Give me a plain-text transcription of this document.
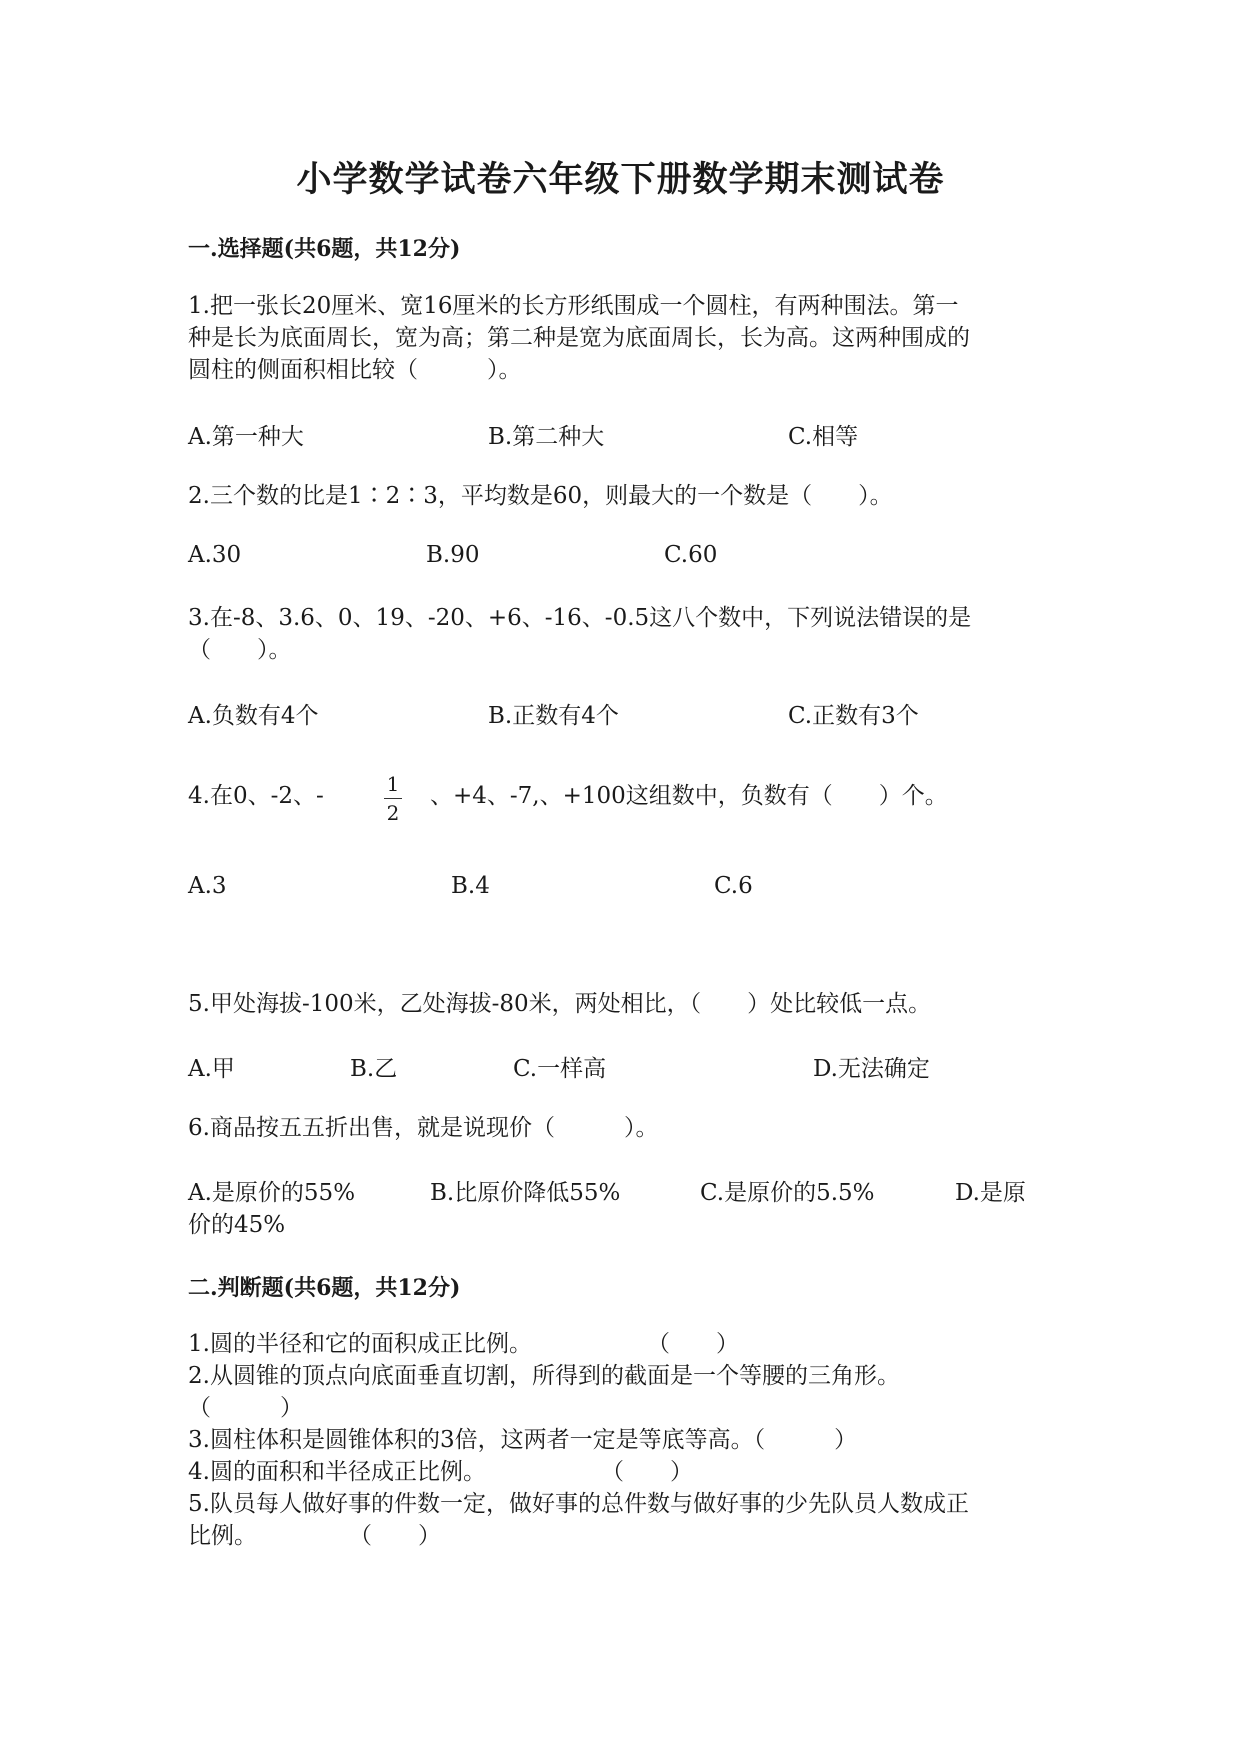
小学数学试卷六年级下册数学期末测试卷
一.选择题(共6题，共12分)
1.把一张长20厘米、宽16厘米的长方形纸围成一个圆柱，有两种围法。第一
种是长为底面周长，宽为高；第二种是宽为底面周长，长为高。这两种围成的
圆柱的侧面积相比较（　　　）。
A.第一种大	B.第二种大	C.相等
2.三个数的比是1∶2∶3，平均数是60，则最大的一个数是（　　）。
A.30	B.90	C.60
3.在-8、3.6、0、19、-20、+6、-16、-0.5这八个数中，下列说法错误的是
（　　）。
A.负数有4个	B.正数有4个	C.正数有3个
4.在0、-2、-	1
2
、+4、-7,、+100这组数中，负数有（　　）个。
A.3	B.4	C.6
5.甲处海拔-100米，乙处海拔-80米，两处相比，（　　）处比较低一点。
A.甲	B.乙	C.一样高	D.无法确定
6.商品按五五折出售，就是说现价（　　　）。
A.是原价的55%	B.比原价降低55%	C.是原价的5.5%	D.是原
价的45%
二.判断题(共6题，共12分)
1.圆的半径和它的面积成正比例。　　　　　　（　　）
2.从圆锥的顶点向底面垂直切割，所得到的截面是一个等腰的三角形。
（　　　）
3.圆柱体积是圆锥体积的3倍，这两者一定是等底等高。（　　　）
4.圆的面积和半径成正比例。　　　　　　（　　）
5.队员每人做好事的件数一定，做好事的总件数与做好事的少先队员人数成正
比例。　　　　　（　　）
